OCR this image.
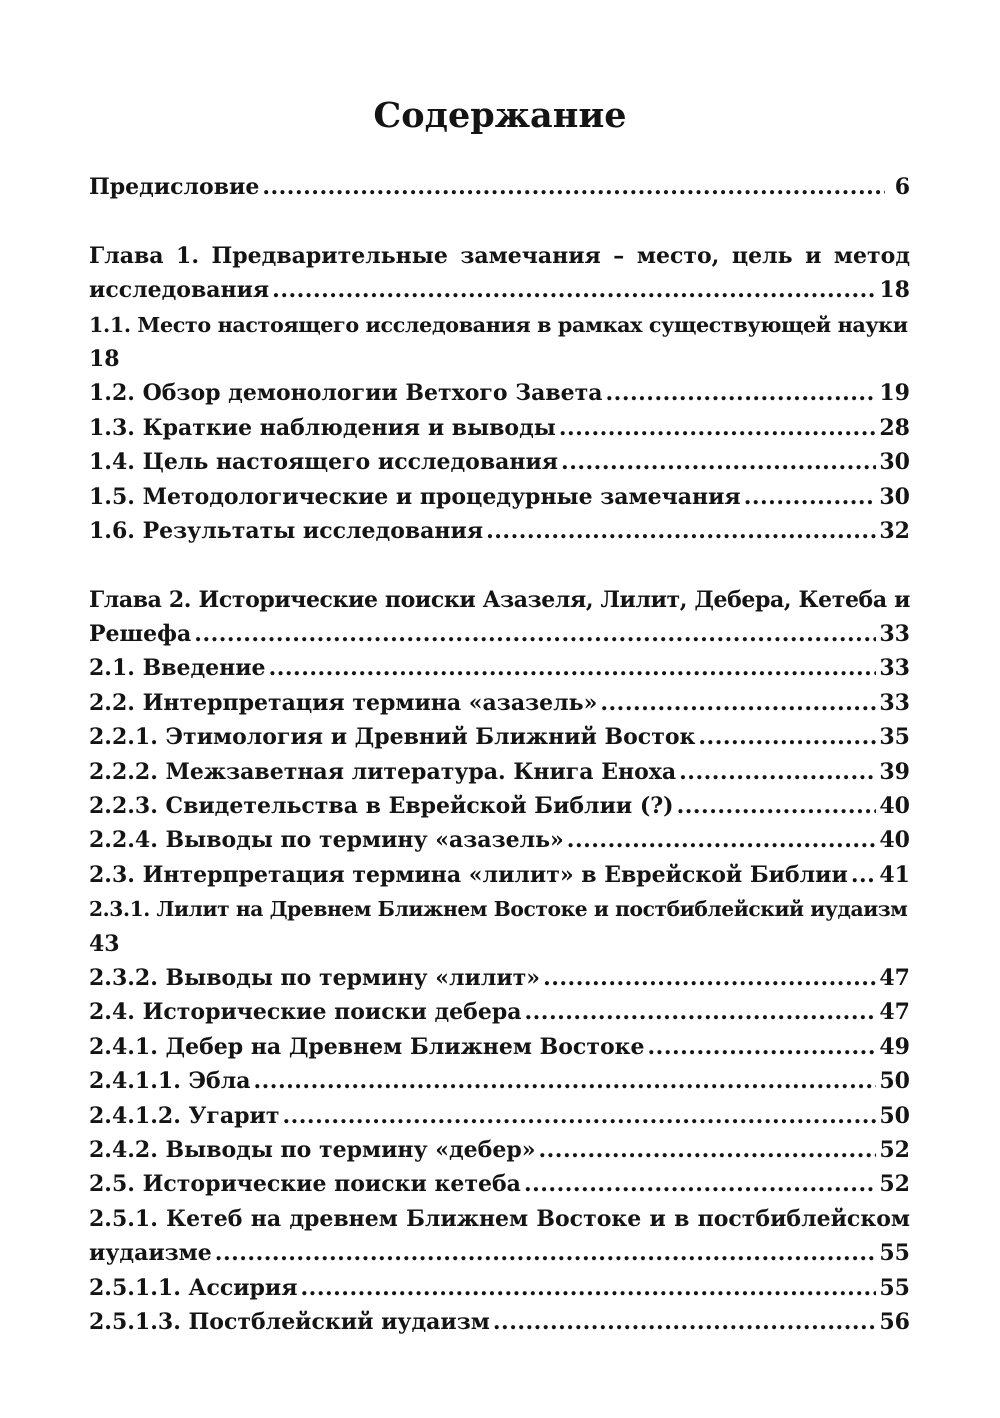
Содержание
Предисловие .....	6
Глава 1. Предварительные замечания – место, цель и метод
исследования .....	18
1.1. Место настоящего исследования в рамках существующей науки
18
1.2. Обзор демонологии Ветхого Завета .....	19
1.3. Краткие наблюдения и выводы .....	28
1.4. Цель настоящего исследования .....	30
1.5. Методологические и процедурные замечания .....	30
1.6. Результаты исследования .....	32
Глава 2. Исторические поиски Азазеля, Лилит, Дебера, Кетеба и
Решефа .....	33
2.1. Введение .....	33
2.2. Интерпретация термина «азазель» .....	33
2.2.1. Этимология и Древний Ближний Восток .....	35
2.2.2. Межзаветная литература. Книга Еноха .....	39
2.2.3. Свидетельства в Еврейской Библии (?) .....	40
2.2.4. Выводы по термину «азазель» .....	40
2.3. Интерпретация термина «лилит» в Еврейской Библии ..... 41
2.3.1. Лилит на Древнем Ближнем Востоке и постбиблейский иудаизм
43
2.3.2. Выводы по термину «лилит» .....	47
2.4. Исторические поиски дебера .....	47
2.4.1. Дебер на Древнем Ближнем Востоке .....	49
2.4.1.1. Эбла .....	50
2.4.1.2. Угарит .....	50
2.4.2. Выводы по термину «дебер» .....	52
2.5. Исторические поиски кетеба .....	52
2.5.1. Кетеб на древнем Ближнем Востоке и в постбиблейском
иудаизме .....	55
2.5.1.1. Ассирия .....	55
2.5.1.3. Постблейский иудаизм .....	56
